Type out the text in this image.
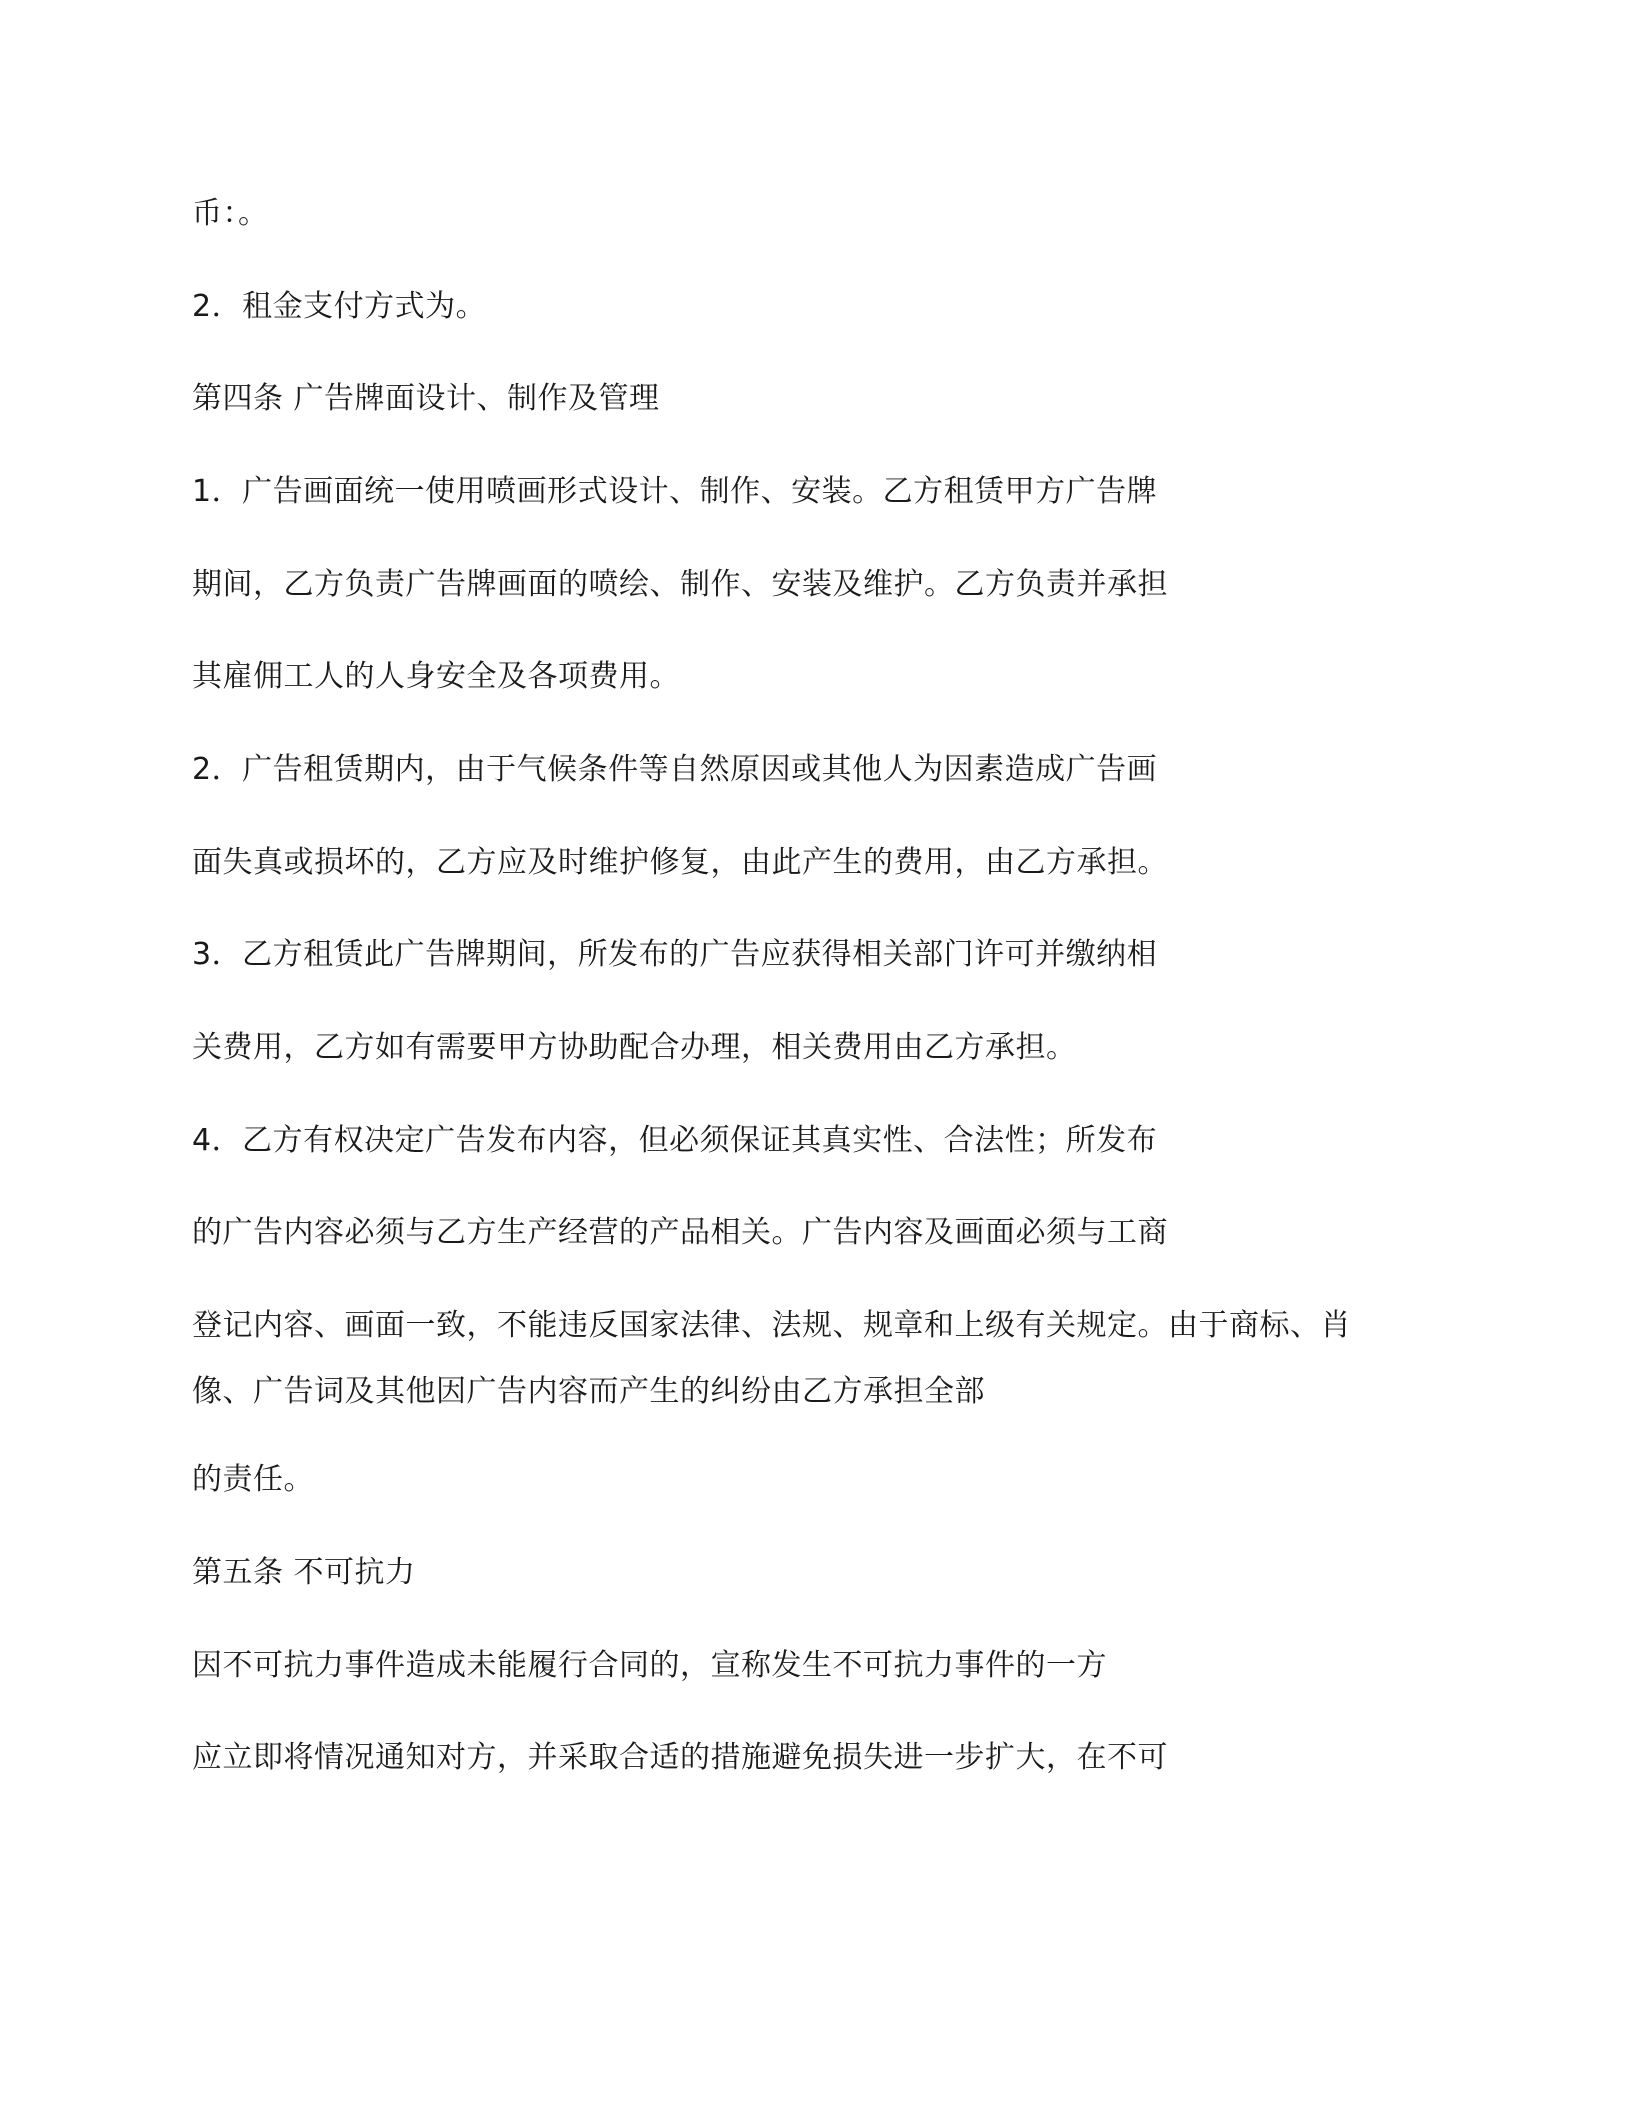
币：。
2．租金支付方式为。
第四条 广告牌面设计、制作及管理
1．广告画面统一使用喷画形式设计、制作、安装。乙方租赁甲方广告牌
期间，乙方负责广告牌画面的喷绘、制作、安装及维护。乙方负责并承担
其雇佣工人的人身安全及各项费用。
2．广告租赁期内，由于气候条件等自然原因或其他人为因素造成广告画
面失真或损坏的，乙方应及时维护修复，由此产生的费用，由乙方承担。
3．乙方租赁此广告牌期间，所发布的广告应获得相关部门许可并缴纳相
关费用，乙方如有需要甲方协助配合办理，相关费用由乙方承担。
4．乙方有权决定广告发布内容，但必须保证其真实性、合法性；所发布
的广告内容必须与乙方生产经营的产品相关。广告内容及画面必须与工商
登记内容、画面一致，不能违反国家法律、法规、规章和上级有关规定。由于商标、肖
像、广告词及其他因广告内容而产生的纠纷由乙方承担全部
的责任。
第五条 不可抗力
因不可抗力事件造成未能履行合同的，宣称发生不可抗力事件的一方
应立即将情况通知对方，并采取合适的措施避免损失进一步扩大，在不可
